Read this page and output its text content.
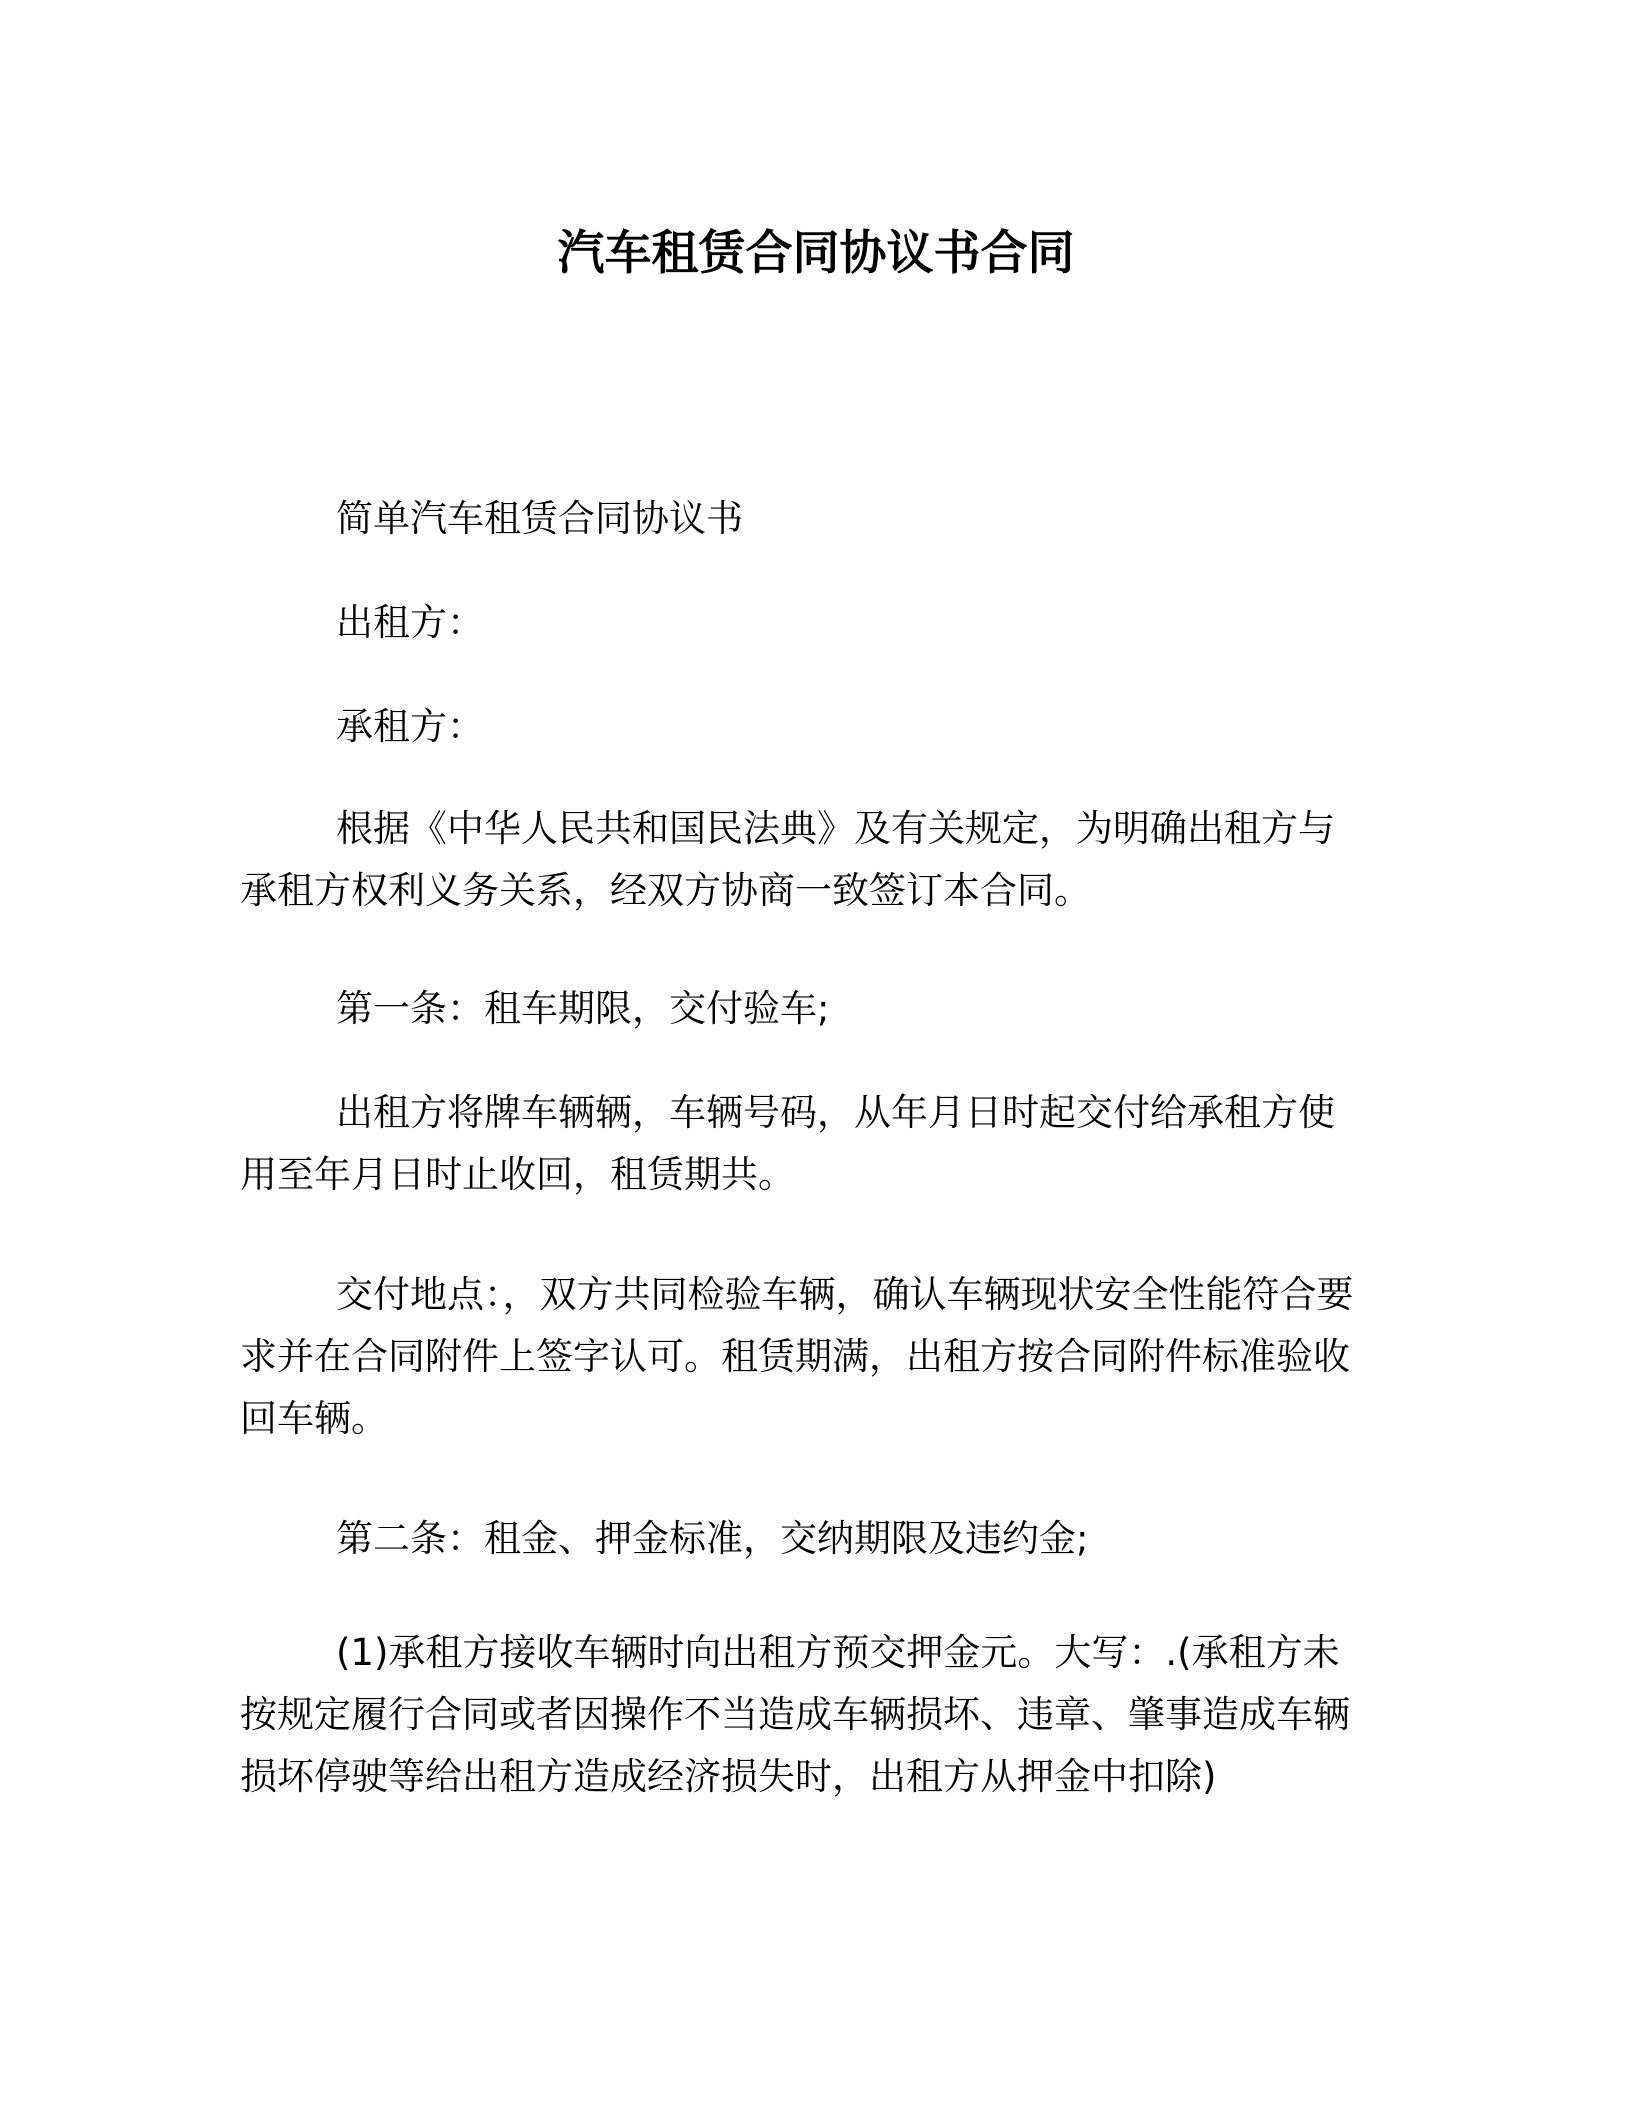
汽车租赁合同协议书合同

简单汽车租赁合同协议书

出租方：

承租方：

根据《中华人民共和国民法典》及有关规定，为明确出租方与承租方权利义务关系，经双方协商一致签订本合同。

第一条：租车期限，交付验车;

出租方将牌车辆辆，车辆号码，从年月日时起交付给承租方使用至年月日时止收回，租赁期共。

交付地点：，双方共同检验车辆，确认车辆现状安全性能符合要求并在合同附件上签字认可。租赁期满，出租方按合同附件标准验收回车辆。

第二条：租金、押金标准，交纳期限及违约金;

(1)承租方接收车辆时向出租方预交押金元。大写：.(承租方未按规定履行合同或者因操作不当造成车辆损坏、违章、肇事造成车辆损坏停驶等给出租方造成经济损失时，出租方从押金中扣除)
